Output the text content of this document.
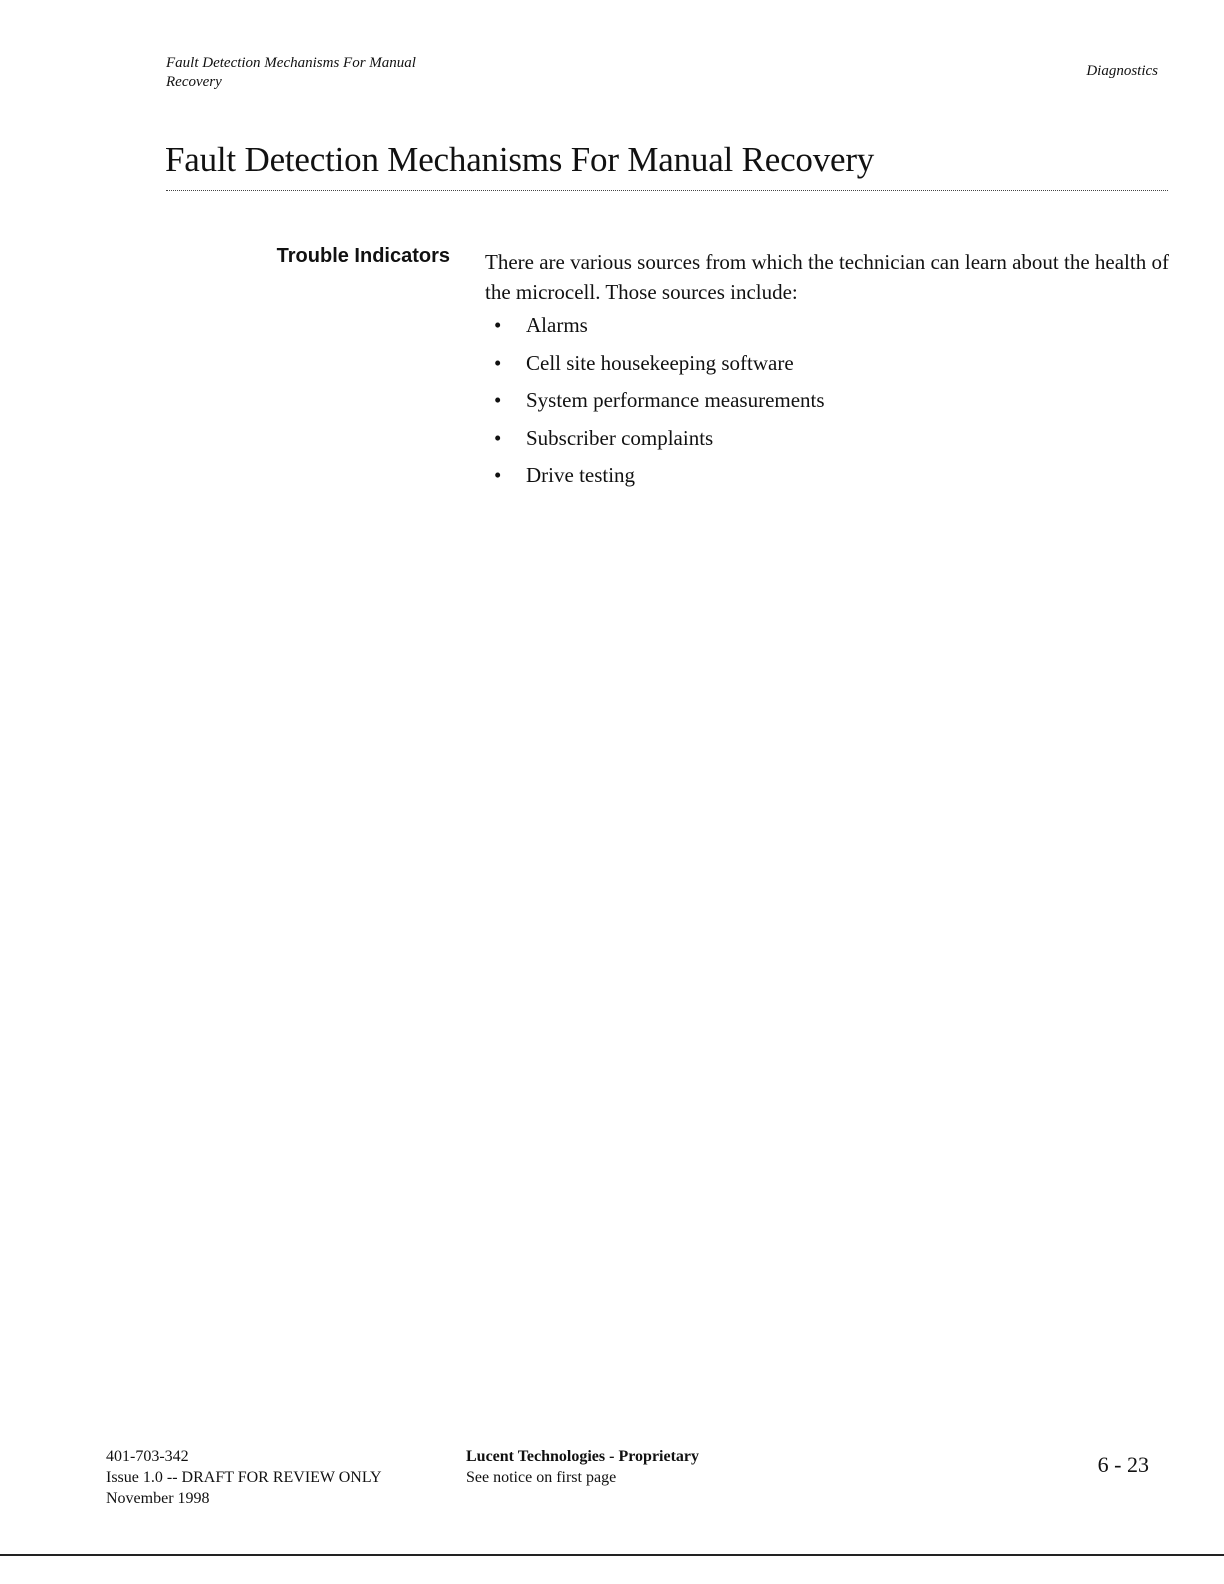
Fault Detection Mechanisms For Manual
Recovery
Diagnostics
Fault Detection Mechanisms For Manual Recovery
Trouble Indicators There are various sources from which the technician can learn about the health of the microcell. Those sources include:

• Alarms
• Cell site housekeeping software
• System performance measurements
• Subscriber complaints
• Drive testing
401-703-342
Issue 1.0 -- DRAFT FOR REVIEW ONLY
November 1998
Lucent Technologies - Proprietary
See notice on first page
6 - 23
